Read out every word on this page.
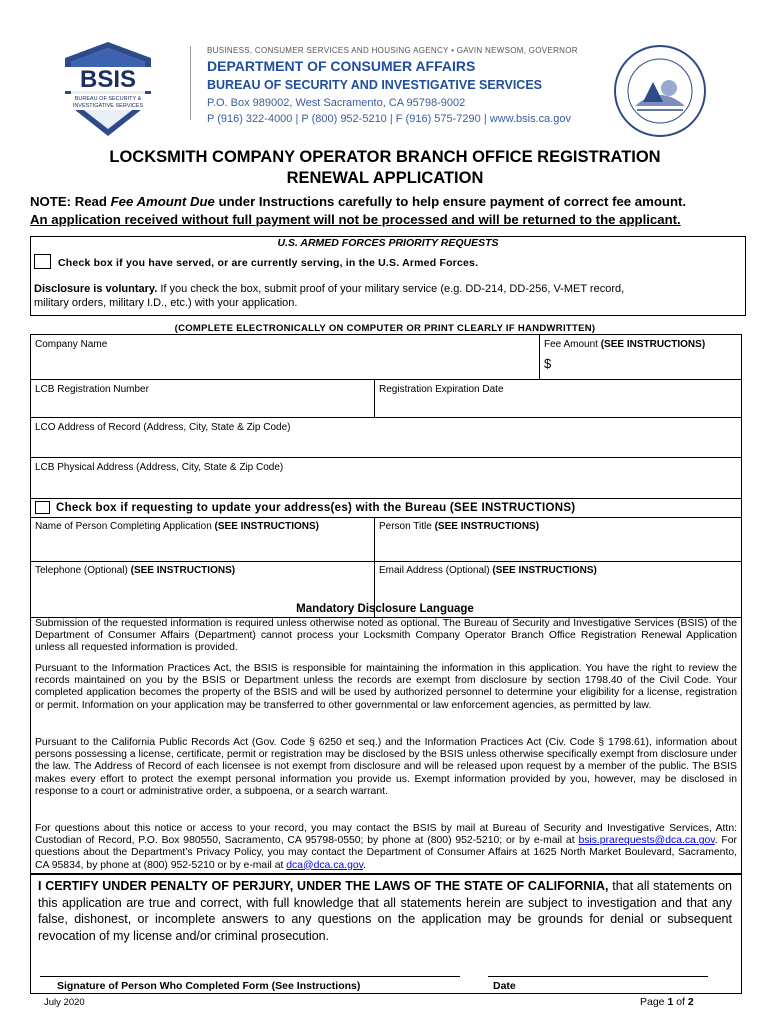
BSIS
BUREAU OF SECURITY &
INVESTIGATIVE SERVICES
BUSINESS, CONSUMER SERVICES AND HOUSING AGENCY • GAVIN NEWSOM, GOVERNOR
DEPARTMENT OF CONSUMER AFFAIRS
BUREAU OF SECURITY AND INVESTIGATIVE SERVICES
P.O. Box 989002, West Sacramento, CA 95798-9002
P (916) 322-4000 | P (800) 952-5210 | F (916) 575-7290 | www.bsis.ca.gov
LOCKSMITH COMPANY OPERATOR BRANCH OFFICE REGISTRATION
RENEWAL APPLICATION
NOTE: Read Fee Amount Due under Instructions carefully to help ensure payment of correct fee amount.
An application received without full payment will not be processed and will be returned to the applicant.
U.S. ARMED FORCES PRIORITY REQUESTS
Check box if you have served, or are currently serving, in the U.S. Armed Forces.
Disclosure is voluntary. If you check the box, submit proof of your military service (e.g. DD-214, DD-256, V-MET record,
military orders, military I.D., etc.) with your application.
(COMPLETE ELECTRONICALLY ON COMPUTER OR PRINT CLEARLY IF HANDWRITTEN)
Company Name	Fee Amount (SEE INSTRUCTIONS)
$
LCB Registration Number	Registration Expiration Date
LCO Address of Record (Address, City, State & Zip Code)
LCB Physical Address (Address, City, State & Zip Code)
Check box if requesting to update your address(es) with the Bureau (SEE INSTRUCTIONS)
Name of Person Completing Application (SEE INSTRUCTIONS)	Person Title (SEE INSTRUCTIONS)
Telephone (Optional) (SEE INSTRUCTIONS)	Email Address (Optional) (SEE INSTRUCTIONS)
Mandatory Disclosure Language
Submission of the requested information is required unless otherwise noted as optional. The Bureau of Security and Investigative Services (BSIS) of the Department of Consumer Affairs (Department) cannot process your Locksmith Company Operator Branch Office Registration Renewal Application unless all requested information is provided.
Pursuant to the Information Practices Act, the BSIS is responsible for maintaining the information in this application. You have the right to review the records maintained on you by the BSIS or Department unless the records are exempt from disclosure by section 1798.40 of the Civil Code. Your completed application becomes the property of the BSIS and will be used by authorized personnel to determine your eligibility for a license, registration or permit. Information on your application may be transferred to other governmental or law enforcement agencies, as permitted by law.
Pursuant to the California Public Records Act (Gov. Code § 6250 et seq.) and the Information Practices Act (Civ. Code § 1798.61), information about persons possessing a license, certificate, permit or registration may be disclosed by the BSIS unless otherwise specifically exempt from disclosure under the law. The Address of Record of each licensee is not exempt from disclosure and will be released upon request by a member of the public. The BSIS makes every effort to protect the exempt personal information you provide us. Exempt information provided by you, however, may be disclosed in response to a court or administrative order, a subpoena, or a search warrant.
For questions about this notice or access to your record, you may contact the BSIS by mail at Bureau of Security and Investigative Services, Attn: Custodian of Record, P.O. Box 980550, Sacramento, CA 95798-0550; by phone at (800) 952-5210; or by e-mail at bsis.prarequests@dca.ca.gov. For questions about the Department’s Privacy Policy, you may contact the Department of Consumer Affairs at 1625 North Market Boulevard, Sacramento, CA 95834, by phone at (800) 952-5210 or by e-mail at dca@dca.ca.gov.
I CERTIFY UNDER PENALTY OF PERJURY, UNDER THE LAWS OF THE STATE OF CALIFORNIA, that all statements on this application are true and correct, with full knowledge that all statements herein are subject to investigation and that any false, dishonest, or incomplete answers to any questions on the application may be grounds for denial or subsequent revocation of my license and/or criminal prosecution.
Signature of Person Who Completed Form (See Instructions)	Date
July 2020	Page 1 of 2
